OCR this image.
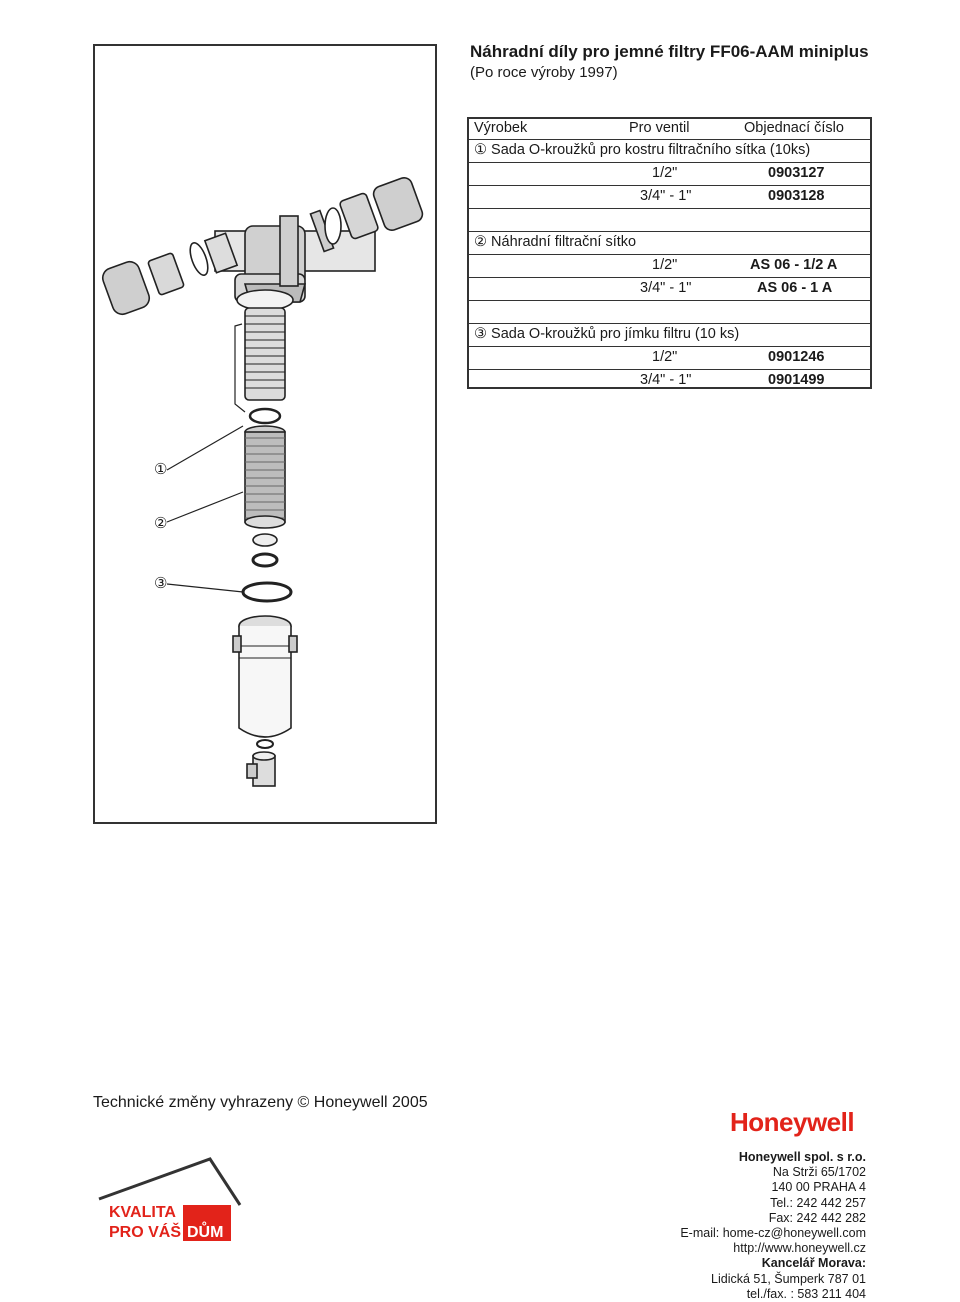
①
②
③
Náhradní díly pro jemné filtry FF06-AAM miniplus
(Po roce výroby 1997)
Výrobek	Pro ventil	Objednací číslo
① Sada O-kroužků pro kostru filtračního sítka (10ks)
1/2"	0903127
3/4" - 1"	0903128
② Náhradní filtrační sítko
1/2"	AS 06 - 1/2 A
3/4" - 1"	AS 06 - 1 A
③ Sada O-kroužků pro jímku filtru (10 ks)
1/2"	0901246
3/4" - 1"	0901499
Technické změny vyhrazeny © Honeywell 2005
Honeywell
Honeywell spol. s r.o.
Na Strži 65/1702
140 00 PRAHA 4
Tel.: 242 442 257
Fax: 242 442 282
E-mail: home-cz@honeywell.com
http://www.honeywell.cz
Kancelář Morava:
Lidická 51, Šumperk 787 01
tel./fax. : 583 211 404
KVALITA
PRO VÁŠ DŮM
